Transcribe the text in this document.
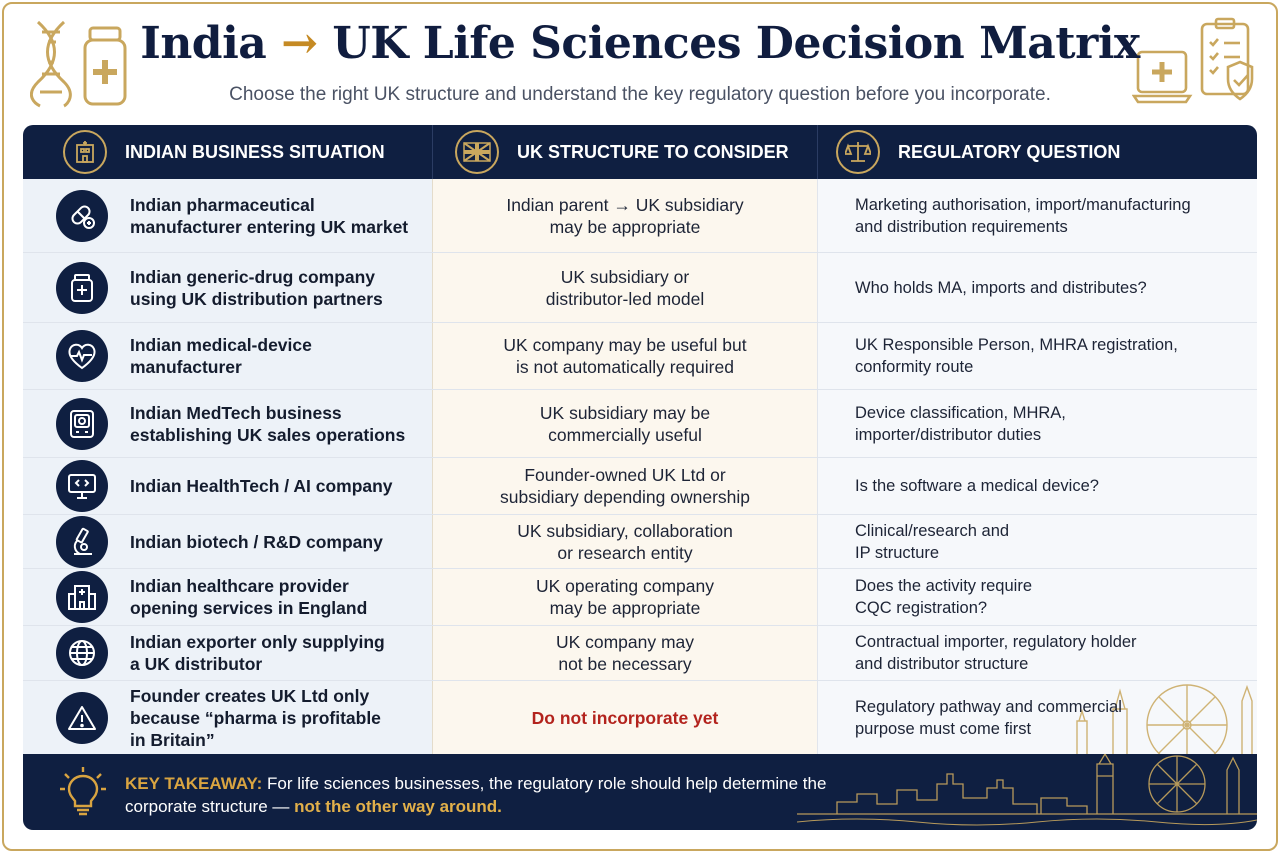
India → UK Life Sciences Decision Matrix
Choose the right UK structure and understand the key regulatory question before you incorporate.
INDIAN BUSINESS SITUATION	UK STRUCTURE TO CONSIDER	REGULATORY QUESTION
Indian pharmaceutical
manufacturer entering UK market
Indian parent → UK subsidiary
may be appropriate
Marketing authorisation, import/manufacturing
and distribution requirements
Indian generic-drug company
using UK distribution partners
UK subsidiary or
distributor-led model
Who holds MA, imports and distributes?
Indian medical-device
manufacturer
UK company may be useful but
is not automatically required
UK Responsible Person, MHRA registration,
conformity route
Indian MedTech business
establishing UK sales operations
UK subsidiary may be
commercially useful
Device classification, MHRA,
importer/distributor duties
Indian HealthTech / AI company
Founder-owned UK Ltd or
subsidiary depending ownership
Is the software a medical device?
Indian biotech / R&D company
UK subsidiary, collaboration
or research entity
Clinical/research and
IP structure
Indian healthcare provider
opening services in England
UK operating company
may be appropriate
Does the activity require
CQC registration?
Indian exporter only supplying
a UK distributor
UK company may
not be necessary
Contractual importer, regulatory holder
and distributor structure
Founder creates UK Ltd only
because “pharma is profitable
in Britain”
Do not incorporate yet
Regulatory pathway and commercial
purpose must come first
KEY TAKEAWAY: For life sciences businesses, the regulatory role should help determine the corporate structure — not the other way around.
